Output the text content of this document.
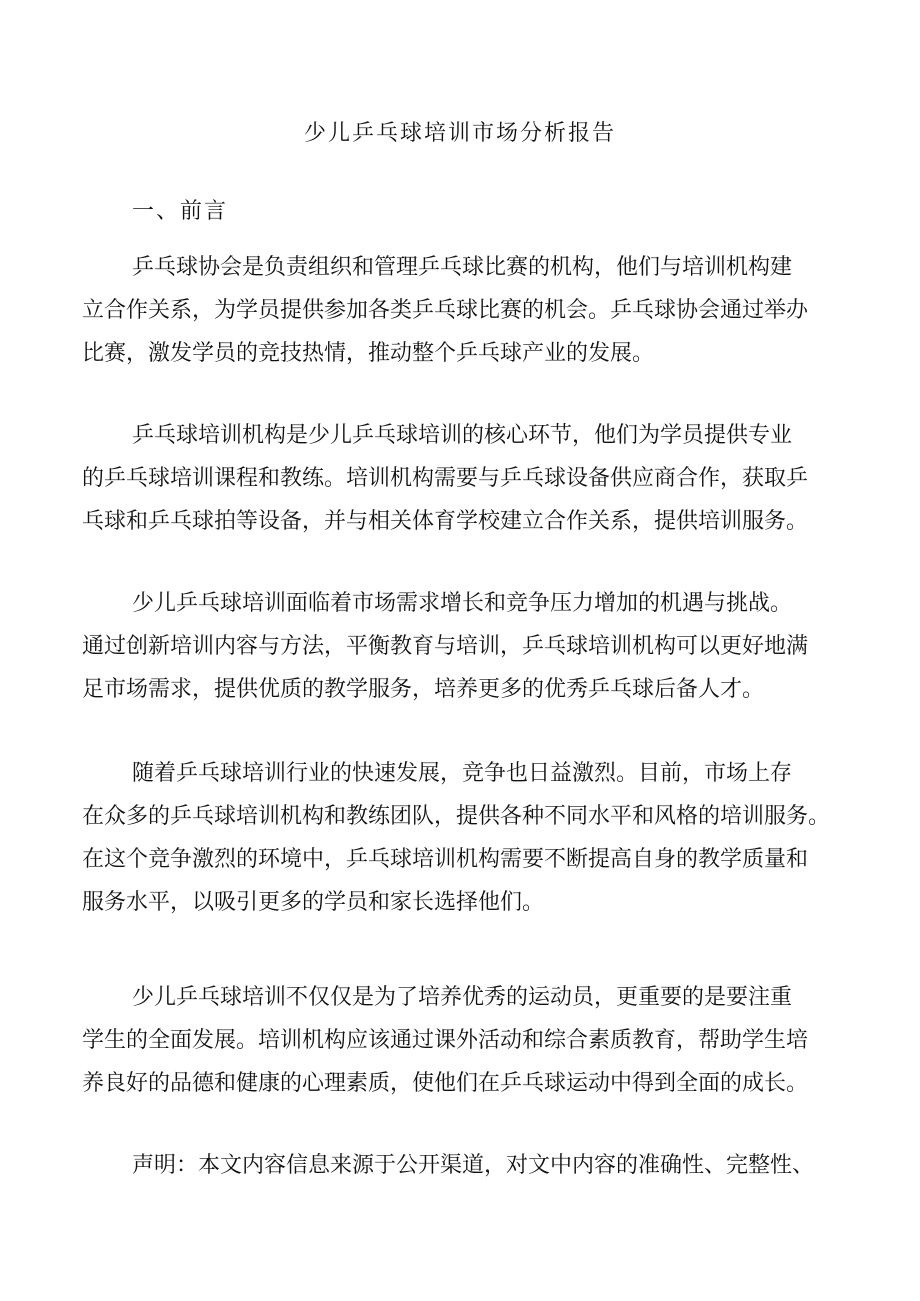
少儿乒乓球培训市场分析报告
一、前言
乒乓球协会是负责组织和管理乒乓球比赛的机构，他们与培训机构建
立合作关系，为学员提供参加各类乒乓球比赛的机会。乒乓球协会通过举办
比赛，激发学员的竞技热情，推动整个乒乓球产业的发展。
乒乓球培训机构是少儿乒乓球培训的核心环节，他们为学员提供专业
的乒乓球培训课程和教练。培训机构需要与乒乓球设备供应商合作，获取乒
乓球和乒乓球拍等设备，并与相关体育学校建立合作关系，提供培训服务。
少儿乒乓球培训面临着市场需求增长和竞争压力增加的机遇与挑战。
通过创新培训内容与方法，平衡教育与培训，乒乓球培训机构可以更好地满
足市场需求，提供优质的教学服务，培养更多的优秀乒乓球后备人才。
随着乒乓球培训行业的快速发展，竞争也日益激烈。目前，市场上存
在众多的乒乓球培训机构和教练团队，提供各种不同水平和风格的培训服务。
在这个竞争激烈的环境中，乒乓球培训机构需要不断提高自身的教学质量和
服务水平，以吸引更多的学员和家长选择他们。
少儿乒乓球培训不仅仅是为了培养优秀的运动员，更重要的是要注重
学生的全面发展。培训机构应该通过课外活动和综合素质教育，帮助学生培
养良好的品德和健康的心理素质，使他们在乒乓球运动中得到全面的成长。
声明：本文内容信息来源于公开渠道，对文中内容的准确性、完整性、
